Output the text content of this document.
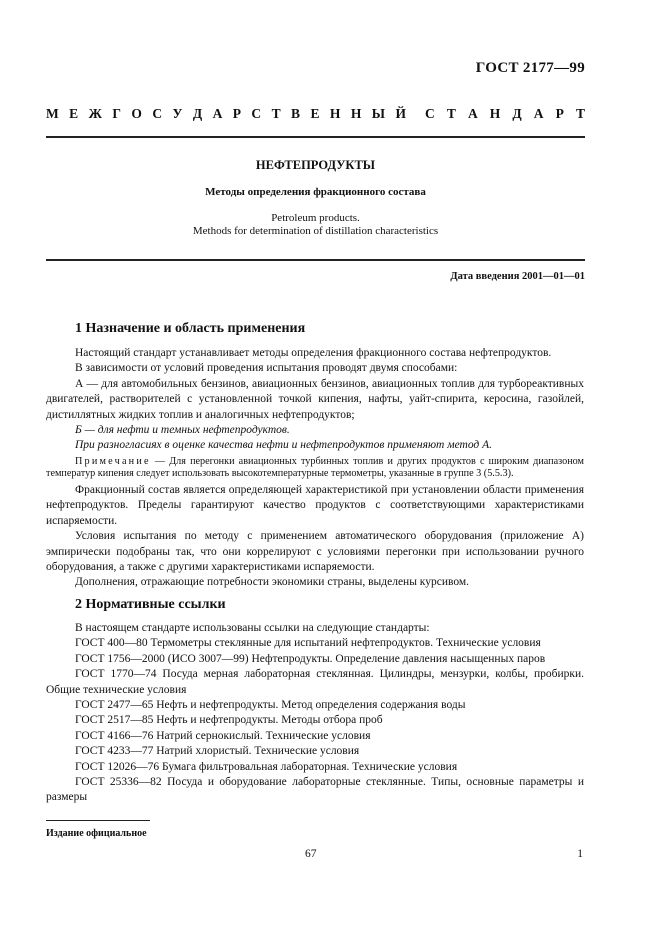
ГОСТ 2177—99
М Е Ж Г О С У Д А Р С Т В Е Н Н Ы Й С Т А Н Д А Р Т
НЕФТЕПРОДУКТЫ
Методы определения фракционного состава
Petroleum products.
Methods for determination of distillation characteristics
Дата введения 2001—01—01
1 Назначение и область применения

Настоящий стандарт устанавливает методы определения фракционного состава нефтепродуктов.

В зависимости от условий проведения испытания проводят двумя способами:

А — для автомобильных бензинов, авиационных бензинов, авиационных топлив для турбореактивных двигателей, растворителей с установленной точкой кипения, нафты, уайт-спирита, керосина, газойлей, дистиллятных жидких топлив и аналогичных нефтепродуктов;

Б — для нефти и темных нефтепродуктов.

При разногласиях в оценке качества нефти и нефтепродуктов применяют метод А.

Примечание — Для перегонки авиационных турбинных топлив и других продуктов с широким диапазоном температур кипения следует использовать высокотемпературные термометры, указанные в группе 3 (5.5.3).

Фракционный состав является определяющей характеристикой при установлении области применения нефтепродуктов. Пределы гарантируют качество продуктов с соответствующими характеристиками испаряемости.

Условия испытания по методу с применением автоматического оборудования (приложение А) эмпирически подобраны так, что они коррелируют с условиями перегонки при использовании ручного оборудования, а также с другими характеристиками испаряемости.

Дополнения, отражающие потребности экономики страны, выделены курсивом.

2 Нормативные ссылки

В настоящем стандарте использованы ссылки на следующие стандарты:

ГОСТ 400—80 Термометры стеклянные для испытаний нефтепродуктов. Технические условия

ГОСТ 1756—2000 (ИСО 3007—99) Нефтепродукты. Определение давления насыщенных паров

ГОСТ 1770—74 Посуда мерная лабораторная стеклянная. Цилиндры, мензурки, колбы, пробирки. Общие технические условия

ГОСТ 2477—65 Нефть и нефтепродукты. Метод определения содержания воды

ГОСТ 2517—85 Нефть и нефтепродукты. Методы отбора проб

ГОСТ 4166—76 Натрий сернокислый. Технические условия

ГОСТ 4233—77 Натрий хлористый. Технические условия

ГОСТ 12026—76 Бумага фильтровальная лабораторная. Технические условия

ГОСТ 25336—82 Посуда и оборудование лабораторные стеклянные. Типы, основные параметры и размеры

Издание официальное
67	1
